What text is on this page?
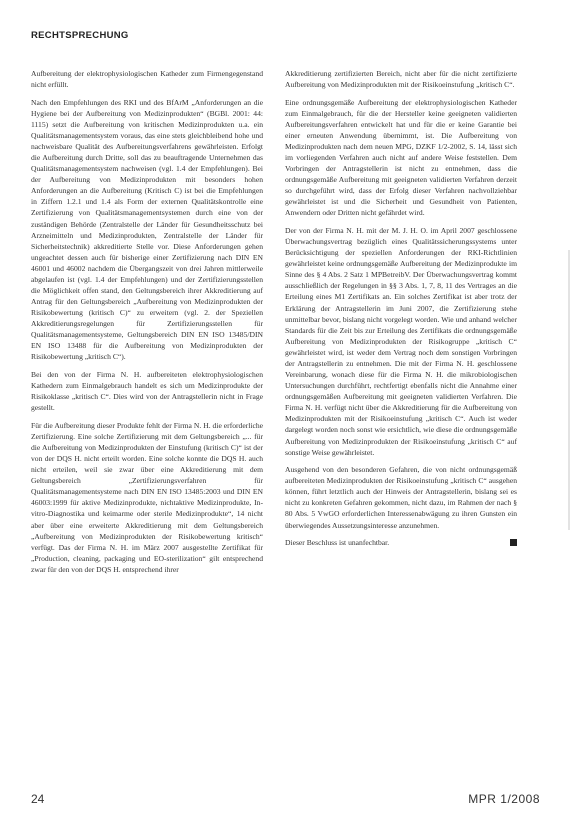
RECHTSPRECHUNG

Aufbereitung der elektrophysiologischen Katheder zum Firmengegenstand nicht erfüllt.

Nach den Empfehlungen des RKI und des BfArM „Anforderungen an die Hygiene bei der Aufbereitung von Medizinprodukten“ (BGBl. 2001: 44: 1115) setzt die Aufbereitung von kritischen Medizinprodukten u.a. ein Qualitätsmanagementsystem voraus, das eine stets gleichbleibend hohe und nachweisbare Qualität des Aufbereitungsverfahrens gewährleisten. Erfolgt die Aufbereitung durch Dritte, soll das zu beauftragende Unternehmen das Qualitätsmanagementsystem nachweisen (vgl. 1.4 der Empfehlungen). Bei der Aufbereitung von Medizinprodukten mit besonders hohen Anforderungen an die Aufbereitung (Kritisch C) ist bei die Empfehlungen in Ziffern 1.2.1 und 1.4 als Form der externen Qualitätskontrolle eine Zertifizierung von Qualitätsmanagementsystemen durch eine von der zuständigen Behörde (Zentralstelle der Länder für Gesundheitsschutz bei Arzneimitteln und Medizinprodukten, Zentralstelle der Länder für Sicherheitstechnik) akkreditierte Stelle vor. Diese Anforderungen gehen ungeachtet dessen auch für bisherige einer Zertifizierung nach DIN EN 46001 und 46002 nachdem die Übergangszeit von drei Jahren mittlerweile abgelaufen ist (vgl. 1.4 der Empfehlungen) und der Zertifizierungsstellen die Möglichkeit offen stand, den Geltungsbereich ihrer Akkreditierung auf Antrag für den Geltungsbereich „Aufbereitung von Medizinprodukten der Risikobewertung (kritisch C)“ zu erweitern (vgl. 2. der Speziellen Akkreditierungsregelungen für Zertifizierungsstellen für Qualitätsmanagementsysteme, Geltungsbereich DIN EN ISO 13485/DIN EN ISO 13488 für die Aufbereitung von Medizinprodukten der Risikobewertung „kritisch C“).

Bei den von der Firma N. H. aufbereiteten elektrophysiologischen Kathedern zum Einmalgebrauch handelt es sich um Medizinprodukte der Risikoklasse „kritisch C“. Dies wird von der Antragstellerin nicht in Frage gestellt.

Für die Aufbereitung dieser Produkte fehlt der Firma N. H. die erforderliche Zertifizierung. Eine solche Zertifizierung mit dem Geltungsbereich „... für die Aufbereitung von Medizinprodukten der Einstufung (kritisch C)“ ist der von der DQS H. nicht erteilt worden. Eine solche konnte die DQS H. auch nicht erteilen, weil sie zwar über eine Akkreditierung mit dem Geltungsbereich „Zertifizierungsverfahren für Qualitätsmanagementsysteme nach DIN EN ISO 13485:2003 und DIN EN 46003:1999 für aktive Medizinprodukte, nichtaktive Medizinprodukte, In-vitro-Diagnostika und keimarme oder sterile Medizinprodukte“, 14 nicht aber über eine erweiterte Akkreditierung mit dem Geltungsbereich „Aufbereitung von Medizinprodukten der Risikobewertung kritisch“ verfügt. Das der Firma N. H. im März 2007 ausgestellte Zertifikat für „Production, cleaning, packaging und EO-sterilization“ gilt entsprechend zwar für den von der DQS H. entsprechend ihrer

Akkreditierung zertifizierten Bereich, nicht aber für die nicht zertifizierte Aufbereitung von Medizinprodukten mit der Risikoeinstufung „kritisch C“.

Eine ordnungsgemäße Aufbereitung der elektrophysiologischen Katheder zum Einmalgebrauch, für die der Hersteller keine geeigneten validierten Aufbereitungsverfahren entwickelt hat und für die er keine Garantie bei einer erneuten Anwendung übernimmt, ist. Die Aufbereitung von Medizinprodukten nach dem neuen MPG, DZKF 1/2-2002, S. 14, lässt sich im vorliegenden Verfahren auch nicht auf andere Weise feststellen. Dem Vorbringen der Antragstellerin ist nicht zu entnehmen, dass die ordnungsgemäße Aufbereitung mit geeigneten validierten Verfahren derzeit so durchgeführt wird, dass der Erfolg dieser Verfahren nachvollziehbar gewährleistet ist und die Sicherheit und Gesundheit von Patienten, Anwendern oder Dritten nicht gefährdet wird.

Der von der Firma N. H. mit der M. J. H. O. im April 2007 geschlossene Überwachungsvertrag bezüglich eines Qualitätssicherungssystems unter Berücksichtigung der speziellen Anforderungen der RKI-Richtlinien gewährleistet keine ordnungsgemäße Aufbereitung der Medizinprodukte im Sinne des § 4 Abs. 2 Satz 1 MPBetreibV. Der Überwachungsvertrag kommt ausschließlich der Regelungen in §§ 3 Abs. 1, 7, 8, 11 des Vertrages an die Erteilung eines M1 Zertifikats an. Ein solches Zertifikat ist aber trotz der Erklärung der Antragstellerin im Juni 2007, die Zertifizierung stehe unmittelbar bevor, bislang nicht vorgelegt worden. Wie und anhand welcher Standards für die Zeit bis zur Erteilung des Zertifikats die ordnungsgemäße Aufbereitung von Medizinprodukten der Risikogruppe „kritisch C“ gewährleistet wird, ist weder dem Vertrag noch dem sonstigen Vorbringen der Antragstellerin zu entnehmen. Die mit der Firma N. H. geschlossene Vereinbarung, wonach diese für die Firma N. H. die mikrobiologischen Untersuchungen durchführt, rechtfertigt ebenfalls nicht die Annahme einer ordnungsgemäßen Aufbereitung mit geeigneten validierten Verfahren. Die Firma N. H. verfügt nicht über die Akkreditierung für die Aufbereitung von Medizinprodukten mit der Risikoeinstufung „kritisch C“. Auch ist weder dargelegt worden noch sonst wie ersichtlich, wie diese die ordnungsgemäße Aufbereitung von Medizinprodukten der Risikoeinstufung „kritisch C“ auf sonstige Weise gewährleistet.

Ausgehend von den besonderen Gefahren, die von nicht ordnungsgemäß aufbereiteten Medizinprodukten der Risikoeinstufung „kritisch C“ ausgehen können, führt letztlich auch der Hinweis der Antragstellerin, bislang sei es nicht zu konkreten Gefahren gekommen, nicht dazu, im Rahmen der nach § 80 Abs. 5 VwGO erforderlichen Interessenabwägung zu ihren Gunsten ein überwiegendes Aussetzungsinteresse anzunehmen.

Dieser Beschluss ist unanfechtbar.

24	MPR 1/2008
